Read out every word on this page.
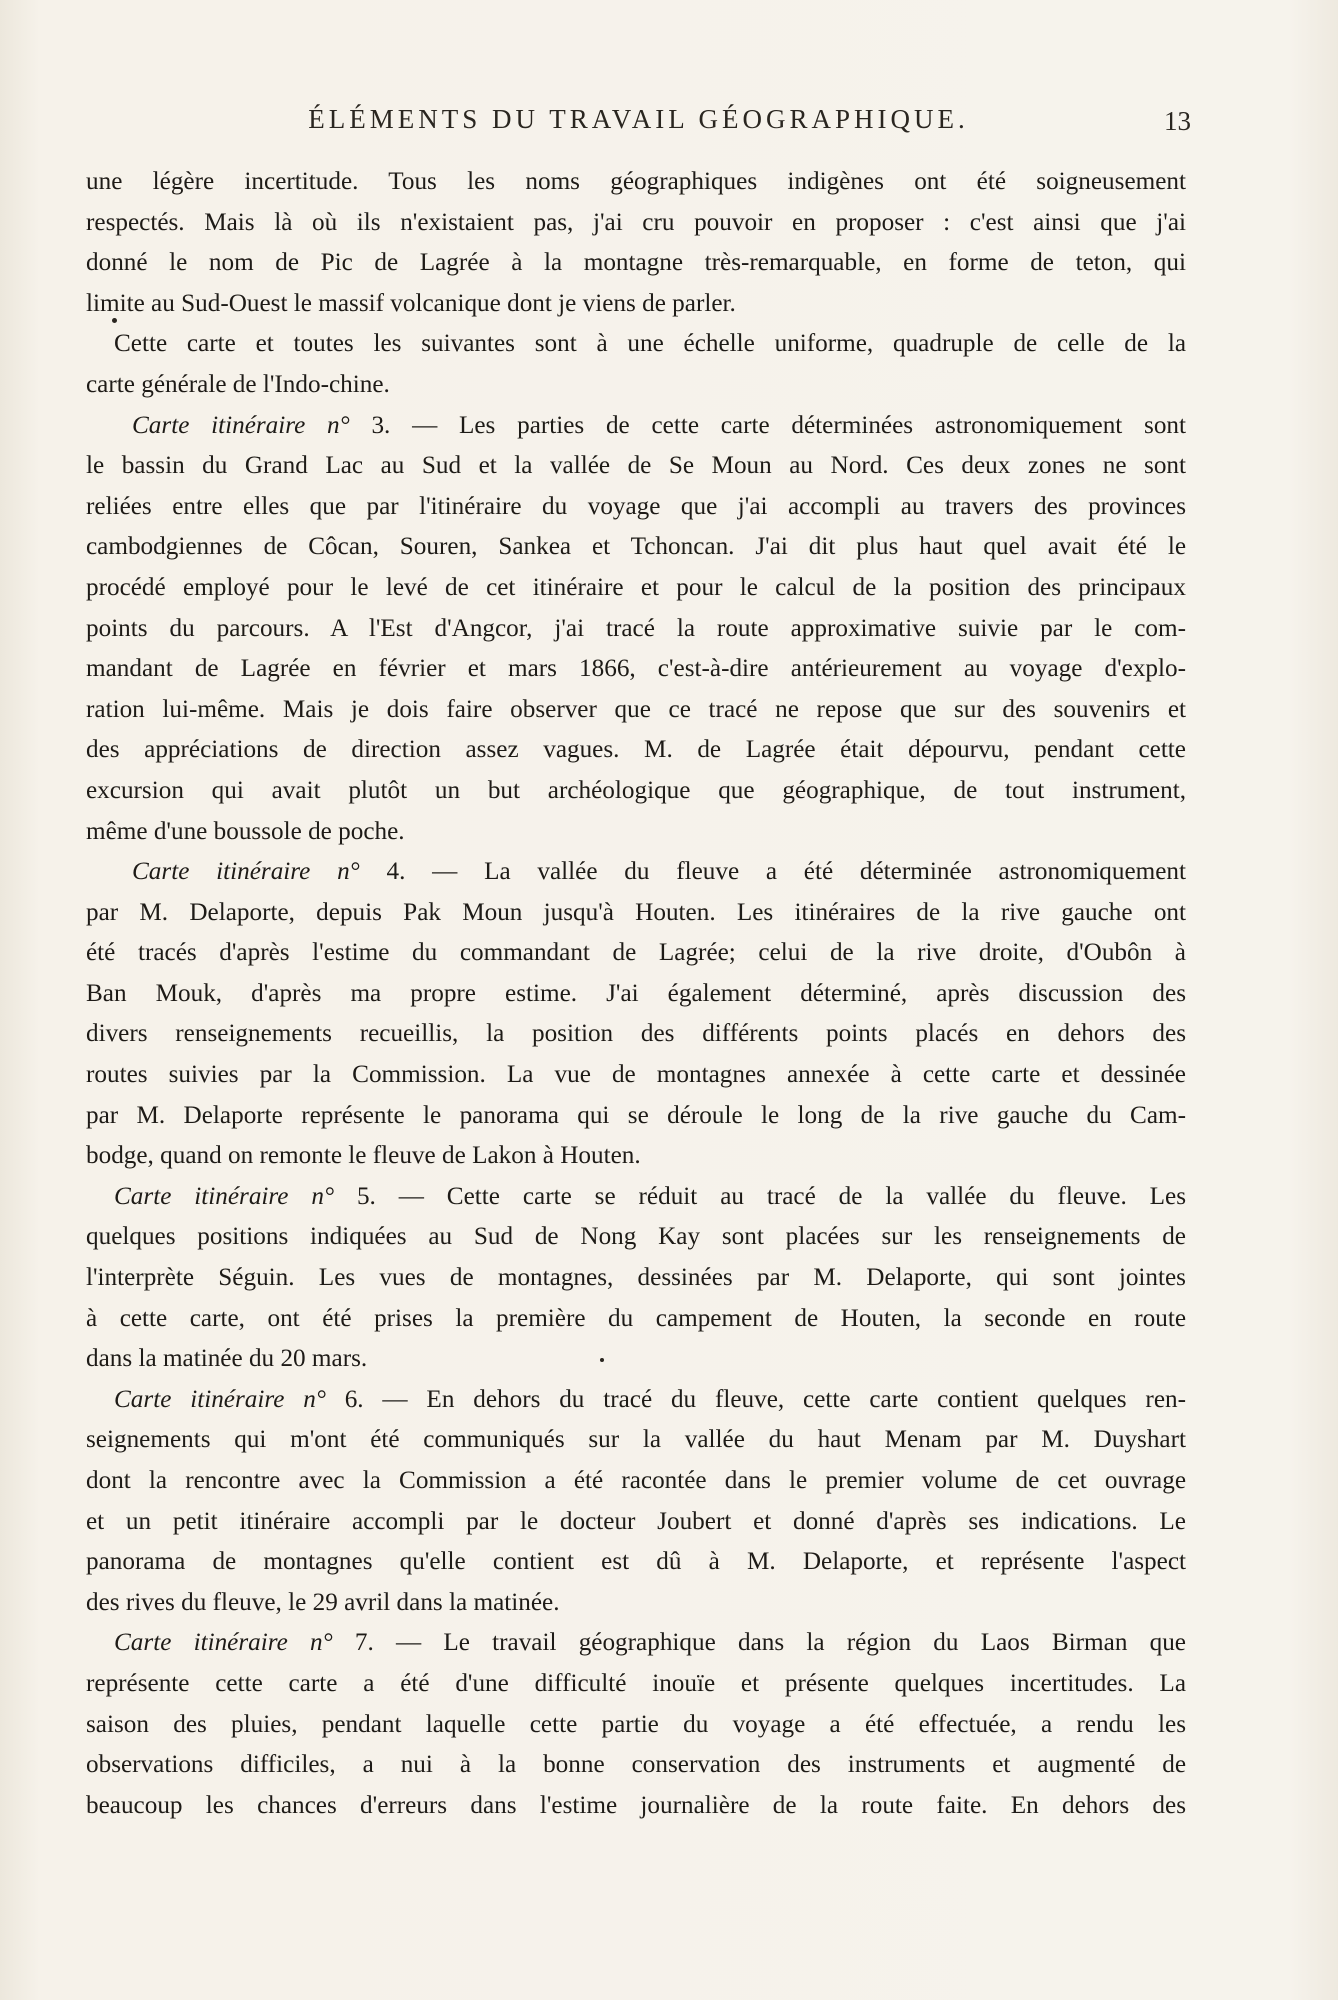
ÉLÉMENTS DU TRAVAIL GÉOGRAPHIQUE.	13
une légère incertitude. Tous les noms géographiques indigènes ont été soigneusement
respectés. Mais là où ils n'existaient pas, j'ai cru pouvoir en proposer : c'est ainsi que j'ai
donné le nom de Pic de Lagrée à la montagne très-remarquable, en forme de teton, qui
limite au Sud-Ouest le massif volcanique dont je viens de parler.
Cette carte et toutes les suivantes sont à une échelle uniforme, quadruple de celle de la
carte générale de l'Indo-chine.
Carte itinéraire n° 3. — Les parties de cette carte déterminées astronomiquement sont
le bassin du Grand Lac au Sud et la vallée de Se Moun au Nord. Ces deux zones ne sont
reliées entre elles que par l'itinéraire du voyage que j'ai accompli au travers des provinces
cambodgiennes de Côcan, Souren, Sankea et Tchoncan. J'ai dit plus haut quel avait été le
procédé employé pour le levé de cet itinéraire et pour le calcul de la position des principaux
points du parcours. A l'Est d'Angcor, j'ai tracé la route approximative suivie par le com-
mandant de Lagrée en février et mars 1866, c'est-à-dire antérieurement au voyage d'explo-
ration lui-même. Mais je dois faire observer que ce tracé ne repose que sur des souvenirs et
des appréciations de direction assez vagues. M. de Lagrée était dépourvu, pendant cette
excursion qui avait plutôt un but archéologique que géographique, de tout instrument,
même d'une boussole de poche.
Carte itinéraire n° 4. — La vallée du fleuve a été déterminée astronomiquement
par M. Delaporte, depuis Pak Moun jusqu'à Houten. Les itinéraires de la rive gauche ont
été tracés d'après l'estime du commandant de Lagrée; celui de la rive droite, d'Oubôn à
Ban Mouk, d'après ma propre estime. J'ai également déterminé, après discussion des
divers renseignements recueillis, la position des différents points placés en dehors des
routes suivies par la Commission. La vue de montagnes annexée à cette carte et dessinée
par M. Delaporte représente le panorama qui se déroule le long de la rive gauche du Cam-
bodge, quand on remonte le fleuve de Lakon à Houten.
Carte itinéraire n° 5. — Cette carte se réduit au tracé de la vallée du fleuve. Les
quelques positions indiquées au Sud de Nong Kay sont placées sur les renseignements de
l'interprète Séguin. Les vues de montagnes, dessinées par M. Delaporte, qui sont jointes
à cette carte, ont été prises la première du campement de Houten, la seconde en route
dans la matinée du 20 mars.
Carte itinéraire n° 6. — En dehors du tracé du fleuve, cette carte contient quelques ren-
seignements qui m'ont été communiqués sur la vallée du haut Menam par M. Duyshart
dont la rencontre avec la Commission a été racontée dans le premier volume de cet ouvrage
et un petit itinéraire accompli par le docteur Joubert et donné d'après ses indications. Le
panorama de montagnes qu'elle contient est dû à M. Delaporte, et représente l'aspect
des rives du fleuve, le 29 avril dans la matinée.
Carte itinéraire n° 7. — Le travail géographique dans la région du Laos Birman que
représente cette carte a été d'une difficulté inouïe et présente quelques incertitudes. La
saison des pluies, pendant laquelle cette partie du voyage a été effectuée, a rendu les
observations difficiles, a nui à la bonne conservation des instruments et augmenté de
beaucoup les chances d'erreurs dans l'estime journalière de la route faite. En dehors des
